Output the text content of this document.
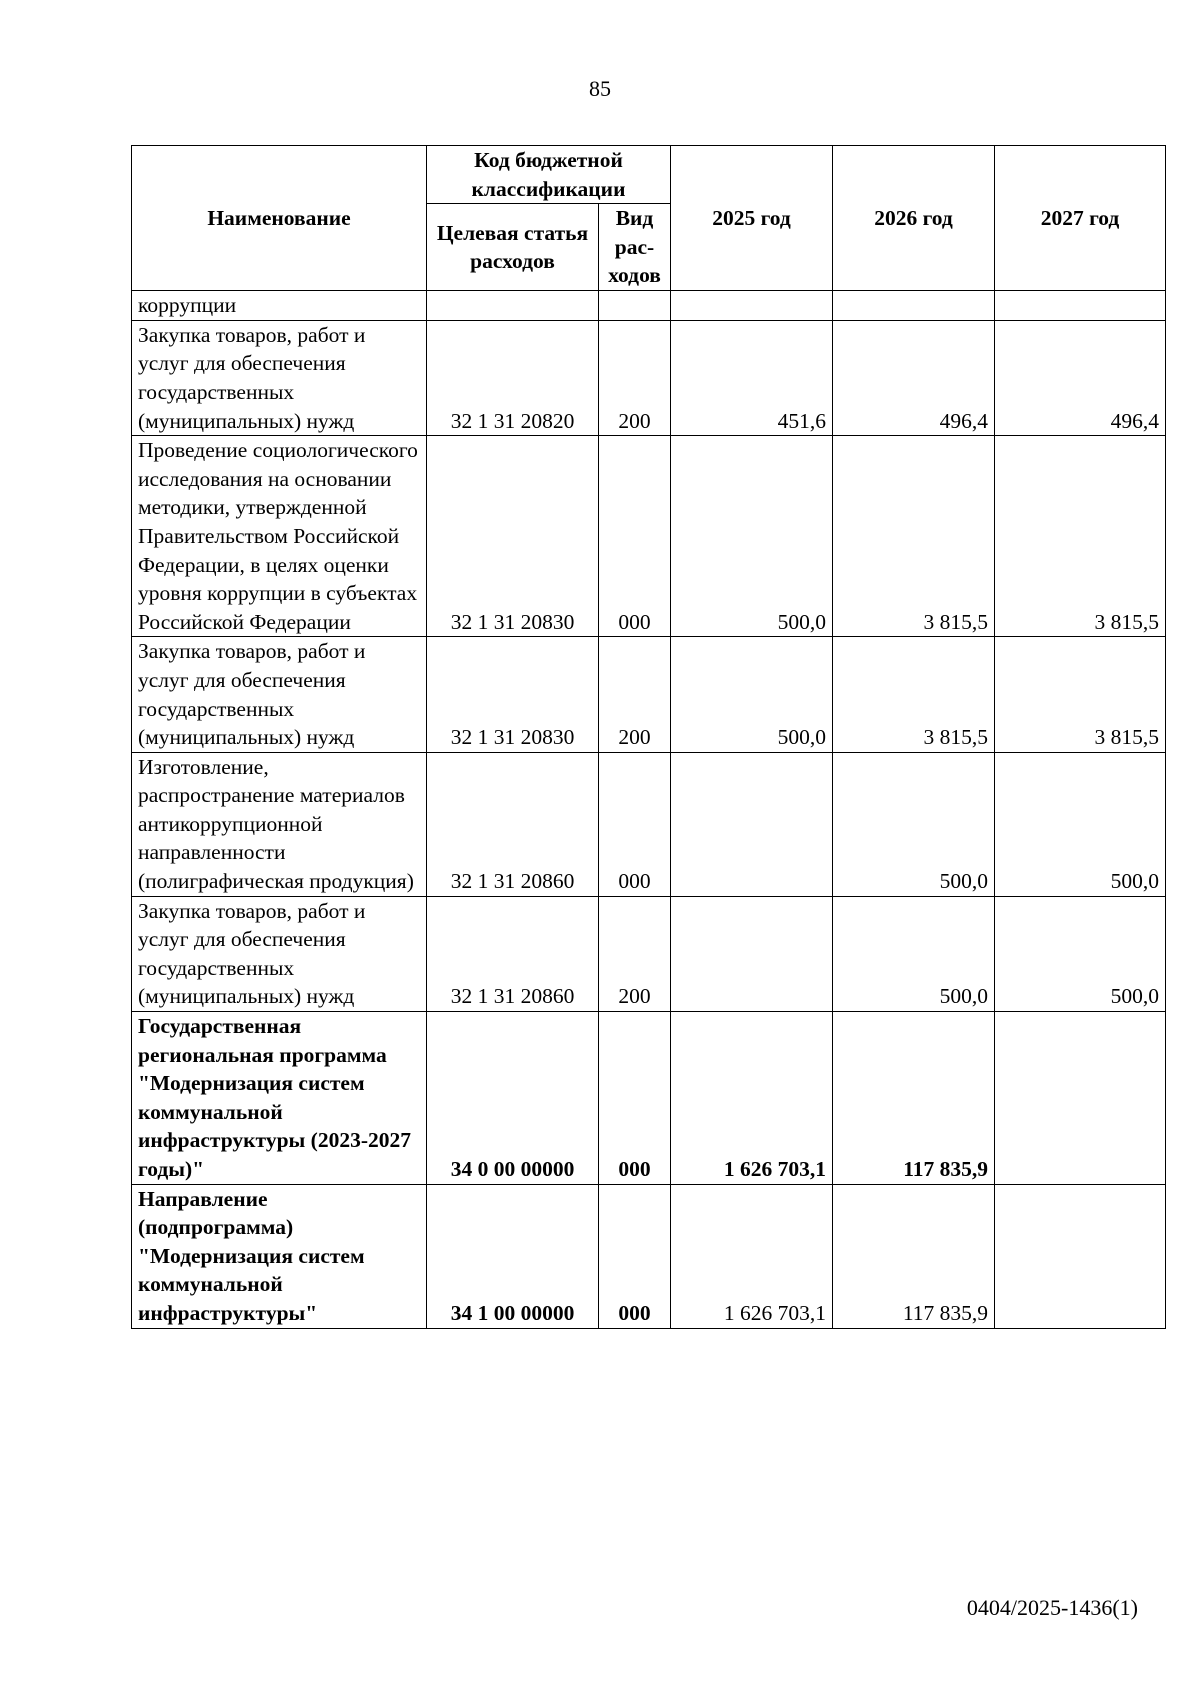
85
Наименование	Код бюджетной классификации		2025 год	2026 год	2027 год
	Целевая статья расходов	Вид рас-ходов			
коррупции					
Закупка товаров, работ и услуг для обеспечения государственных (муниципальных) нужд	32 1 31 20820	200	451,6	496,4	496,4
Проведение социологического исследования на основании методики, утвержденной Правительством Российской Федерации, в целях оценки уровня коррупции в субъектах Российской Федерации	32 1 31 20830	000	500,0	3 815,5	3 815,5
Закупка товаров, работ и услуг для обеспечения государственных (муниципальных) нужд	32 1 31 20830	200	500,0	3 815,5	3 815,5
Изготовление, распространение материалов антикоррупционной направленности (полиграфическая продукция)	32 1 31 20860	000		500,0	500,0
Закупка товаров, работ и услуг для обеспечения государственных (муниципальных) нужд	32 1 31 20860	200		500,0	500,0
Государственная региональная программа "Модернизация систем коммунальной инфраструктуры (2023-2027 годы)"	34 0 00 00000	000	1 626 703,1	117 835,9	
Направление (подпрограмма) "Модернизация систем коммунальной инфраструктуры"	34 1 00 00000	000	1 626 703,1	117 835,9	
0404/2025-1436(1)
